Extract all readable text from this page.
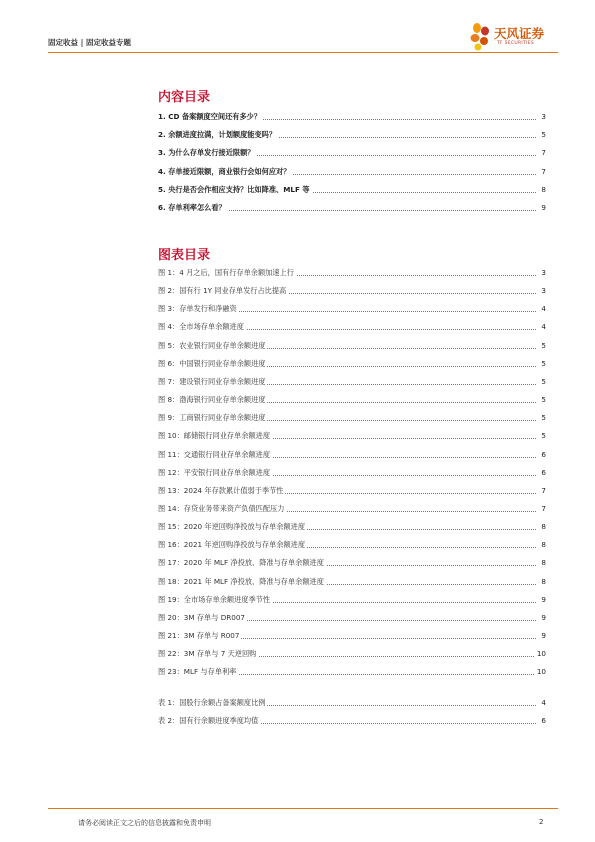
固定收益 | 固定收益专题
天风证券
TF SECURITIES
内容目录
1. CD 备案额度空间还有多少？	3
2. 余额进度拉满，计划额度能变吗？	5
3. 为什么存单发行接近限额？	7
4. 存单接近限额，商业银行会如何应对？	7
5. 央行是否会作相应支持？比如降准、MLF 等	8
6. 存单利率怎么看？	9
图表目录
图 1：4 月之后，国有行存单余额加速上行	3
图 2：国有行 1Y 同业存单发行占比提高	3
图 3：存单发行和净融资	4
图 4：全市场存单余额进度	4
图 5：农业银行同业存单余额进度	5
图 6：中国银行同业存单余额进度	5
图 7：建设银行同业存单余额进度	5
图 8：渤海银行同业存单余额进度	5
图 9：工商银行同业存单余额进度	5
图 10：邮储银行同业存单余额进度	5
图 11：交通银行同业存单余额进度	6
图 12：平安银行同业存单余额进度	6
图 13：2024 年存款累计值弱于季节性	7
图 14：存贷业务带来资产负债匹配压力	7
图 15：2020 年逆回购净投放与存单余额进度	8
图 16：2021 年逆回购净投放与存单余额进度	8
图 17：2020 年 MLF 净投放、降准与存单余额进度	8
图 18：2021 年 MLF 净投放、降准与存单余额进度	8
图 19：全市场存单余额进度季节性	9
图 20：3M 存单与 DR007	9
图 21：3M 存单与 R007	9
图 22：3M 存单与 7 天逆回购	10
图 23：MLF 与存单利率	10
表 1：国股行余额占备案额度比例	4
表 2：国有行余额进度季度均值	6
请务必阅读正文之后的信息披露和免责申明	2
